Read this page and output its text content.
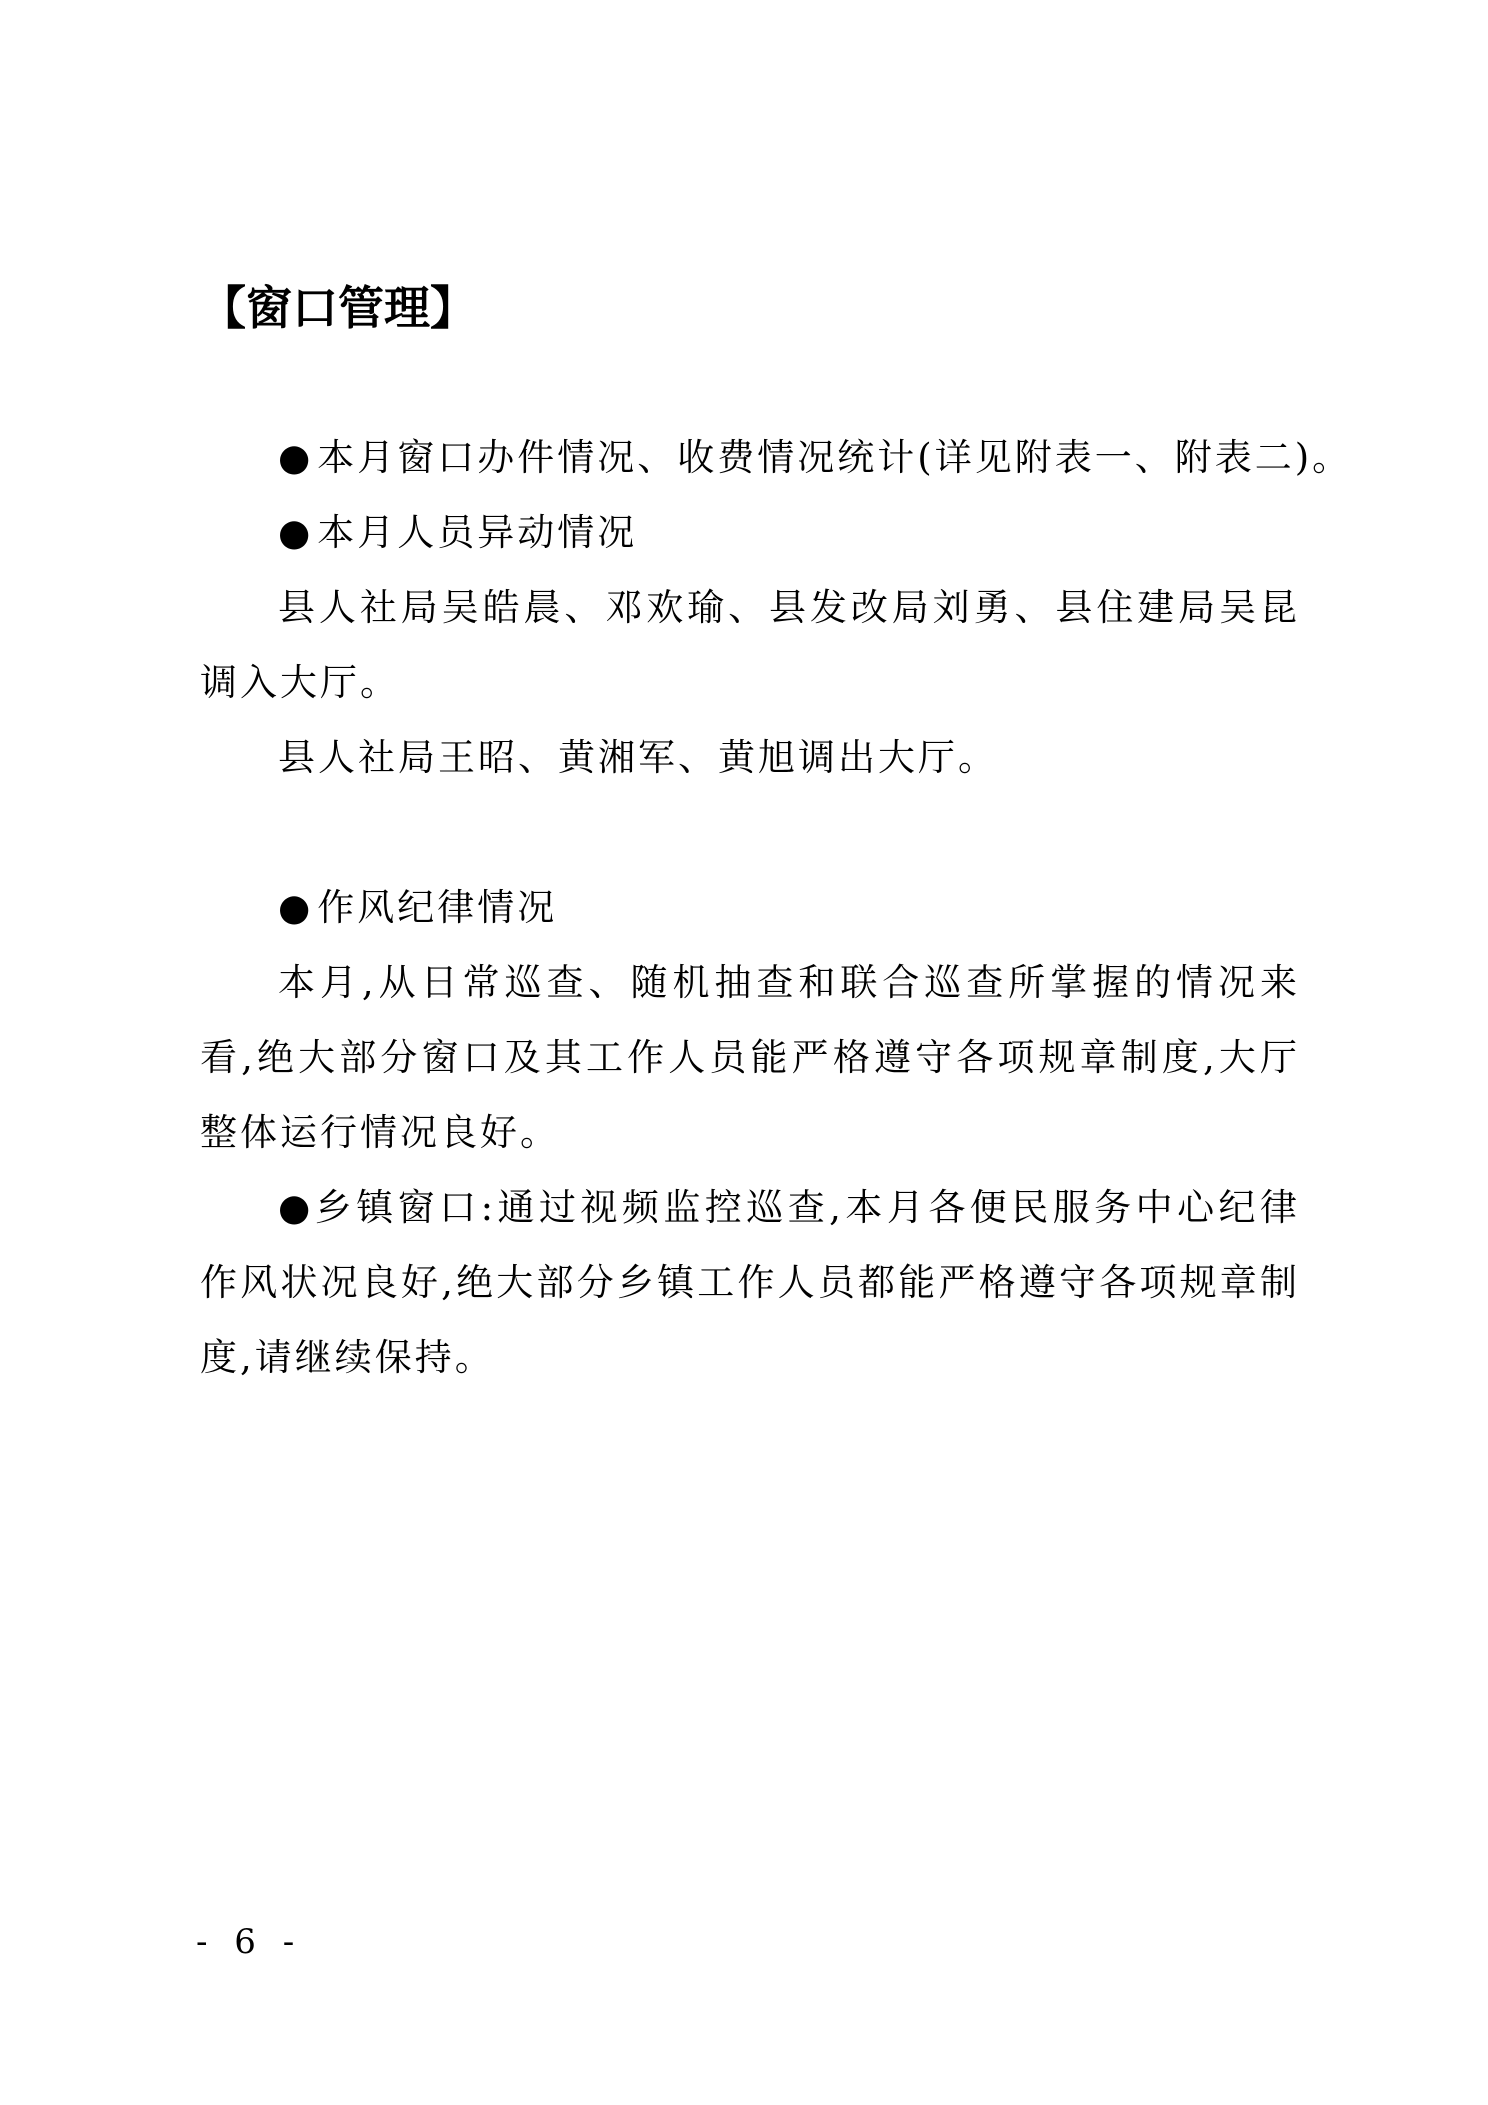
【窗口管理】
● 本月窗口办件情况、收费情况统计(详见附表一、附表二)。
● 本月人员异动情况

县人社局吴皓晨、邓欢瑜、县发改局刘勇、县住建局吴昆调入大厅。

县人社局王昭、黄湘军、黄旭调出大厅。

● 作风纪律情况

本月,从日常巡查、随机抽查和联合巡查所掌握的情况来看,绝大部分窗口及其工作人员能严格遵守各项规章制度,大厅整体运行情况良好。

●乡镇窗口:通过视频监控巡查,本月各便民服务中心纪律作风状况良好,绝大部分乡镇工作人员都能严格遵守各项规章制度,请继续保持。

- 6 -
